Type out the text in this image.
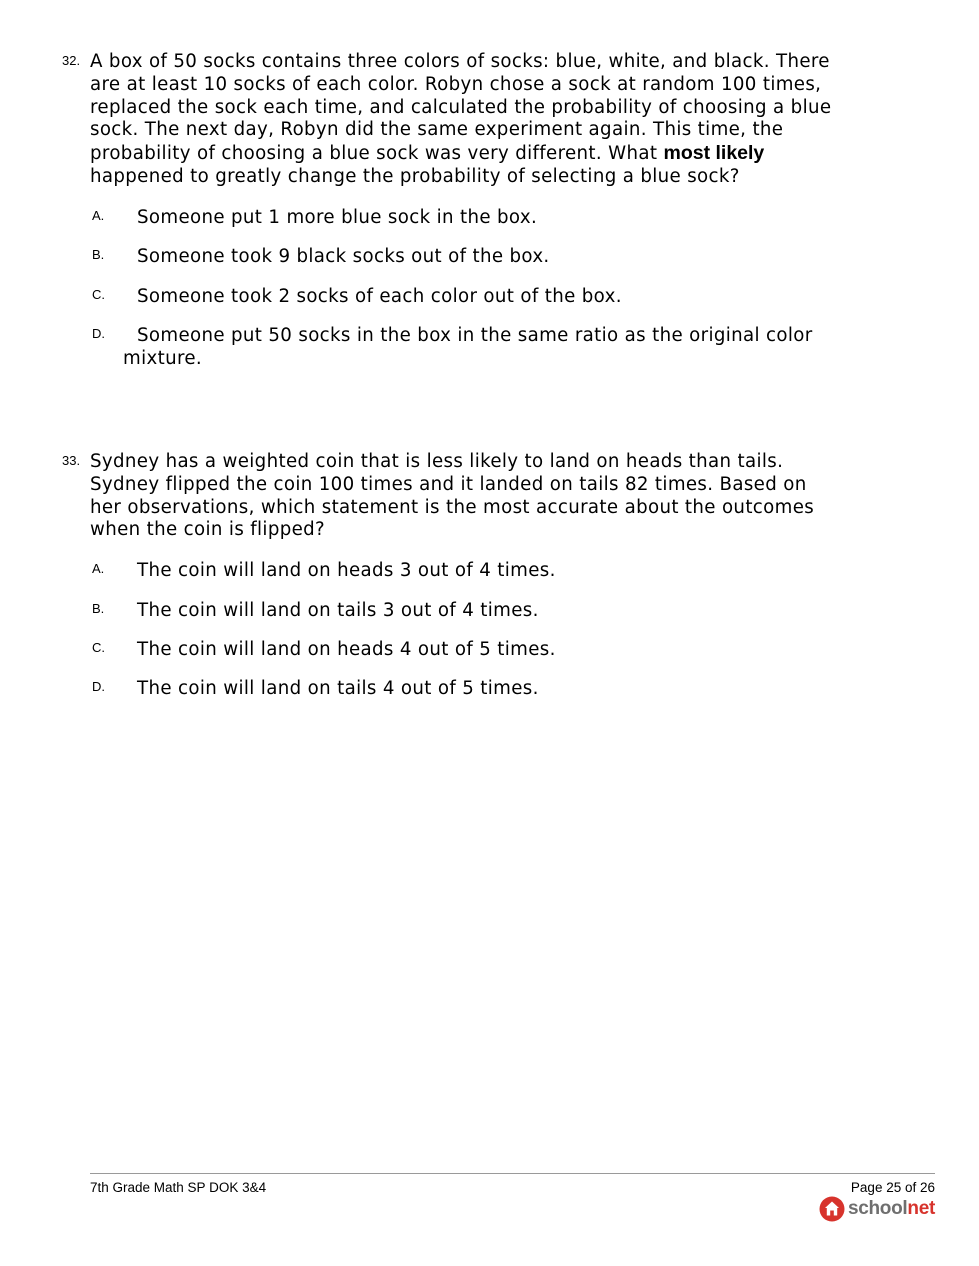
32. A box of 50 socks contains three colors of socks: blue, white, and black. There are at least 10 socks of each color. Robyn chose a sock at random 100 times, replaced the sock each time, and calculated the probability of choosing a blue sock. The next day, Robyn did the same experiment again. This time, the probability of choosing a blue sock was very different. What most likely happened to greatly change the probability of selecting a blue sock?
A. Someone put 1 more blue sock in the box.
B. Someone took 9 black socks out of the box.
C. Someone took 2 socks of each color out of the box.
D.	Someone put 50 socks in the box in the same ratio as the original color mixture.
33. Sydney has a weighted coin that is less likely to land on heads than tails. Sydney flipped the coin 100 times and it landed on tails 82 times. Based on her observations, which statement is the most accurate about the outcomes when the coin is flipped?
A. The coin will land on heads 3 out of 4 times.
B. The coin will land on tails 3 out of 4 times.
C. The coin will land on heads 4 out of 5 times.
D. The coin will land on tails 4 out of 5 times.
7th Grade Math SP DOK 3&4	Page 25 of 26
schoolnet
